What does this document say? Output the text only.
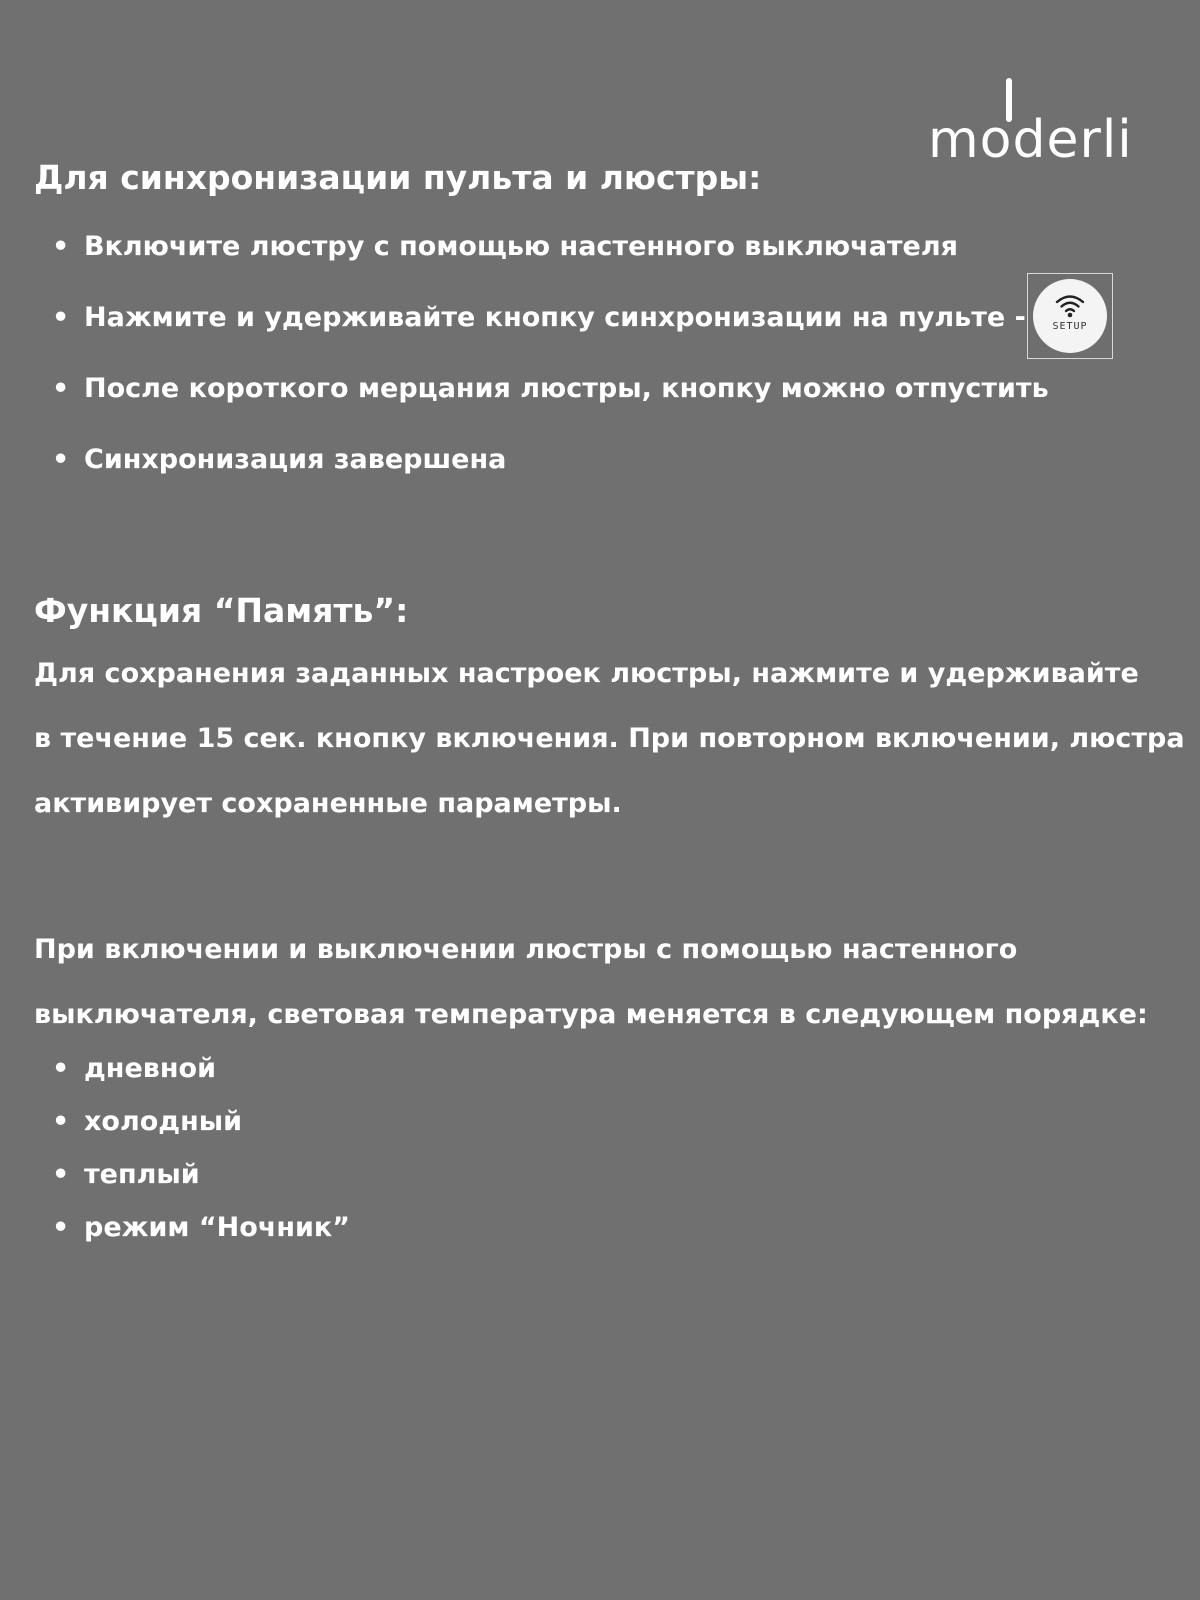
moderli
Для синхронизации пульта и люстры:
• Включите люстру с помощью настенного выключателя
• Нажмите и удерживайте кнопку синхронизации на пульте -
• После короткого мерцания люстры, кнопку можно отпустить
• Синхронизация завершена
SETUP
Функция “Память”:

Для сохранения заданных настроек люстры, нажмите и удерживайте
в течение 15 сек. кнопку включения. При повторном включении, люстра
активирует сохраненные параметры.

При включении и выключении люстры с помощью настенного
выключателя, световая температура меняется в следующем порядке:

• дневной
• холодный
• теплый
• режим “Ночник”
